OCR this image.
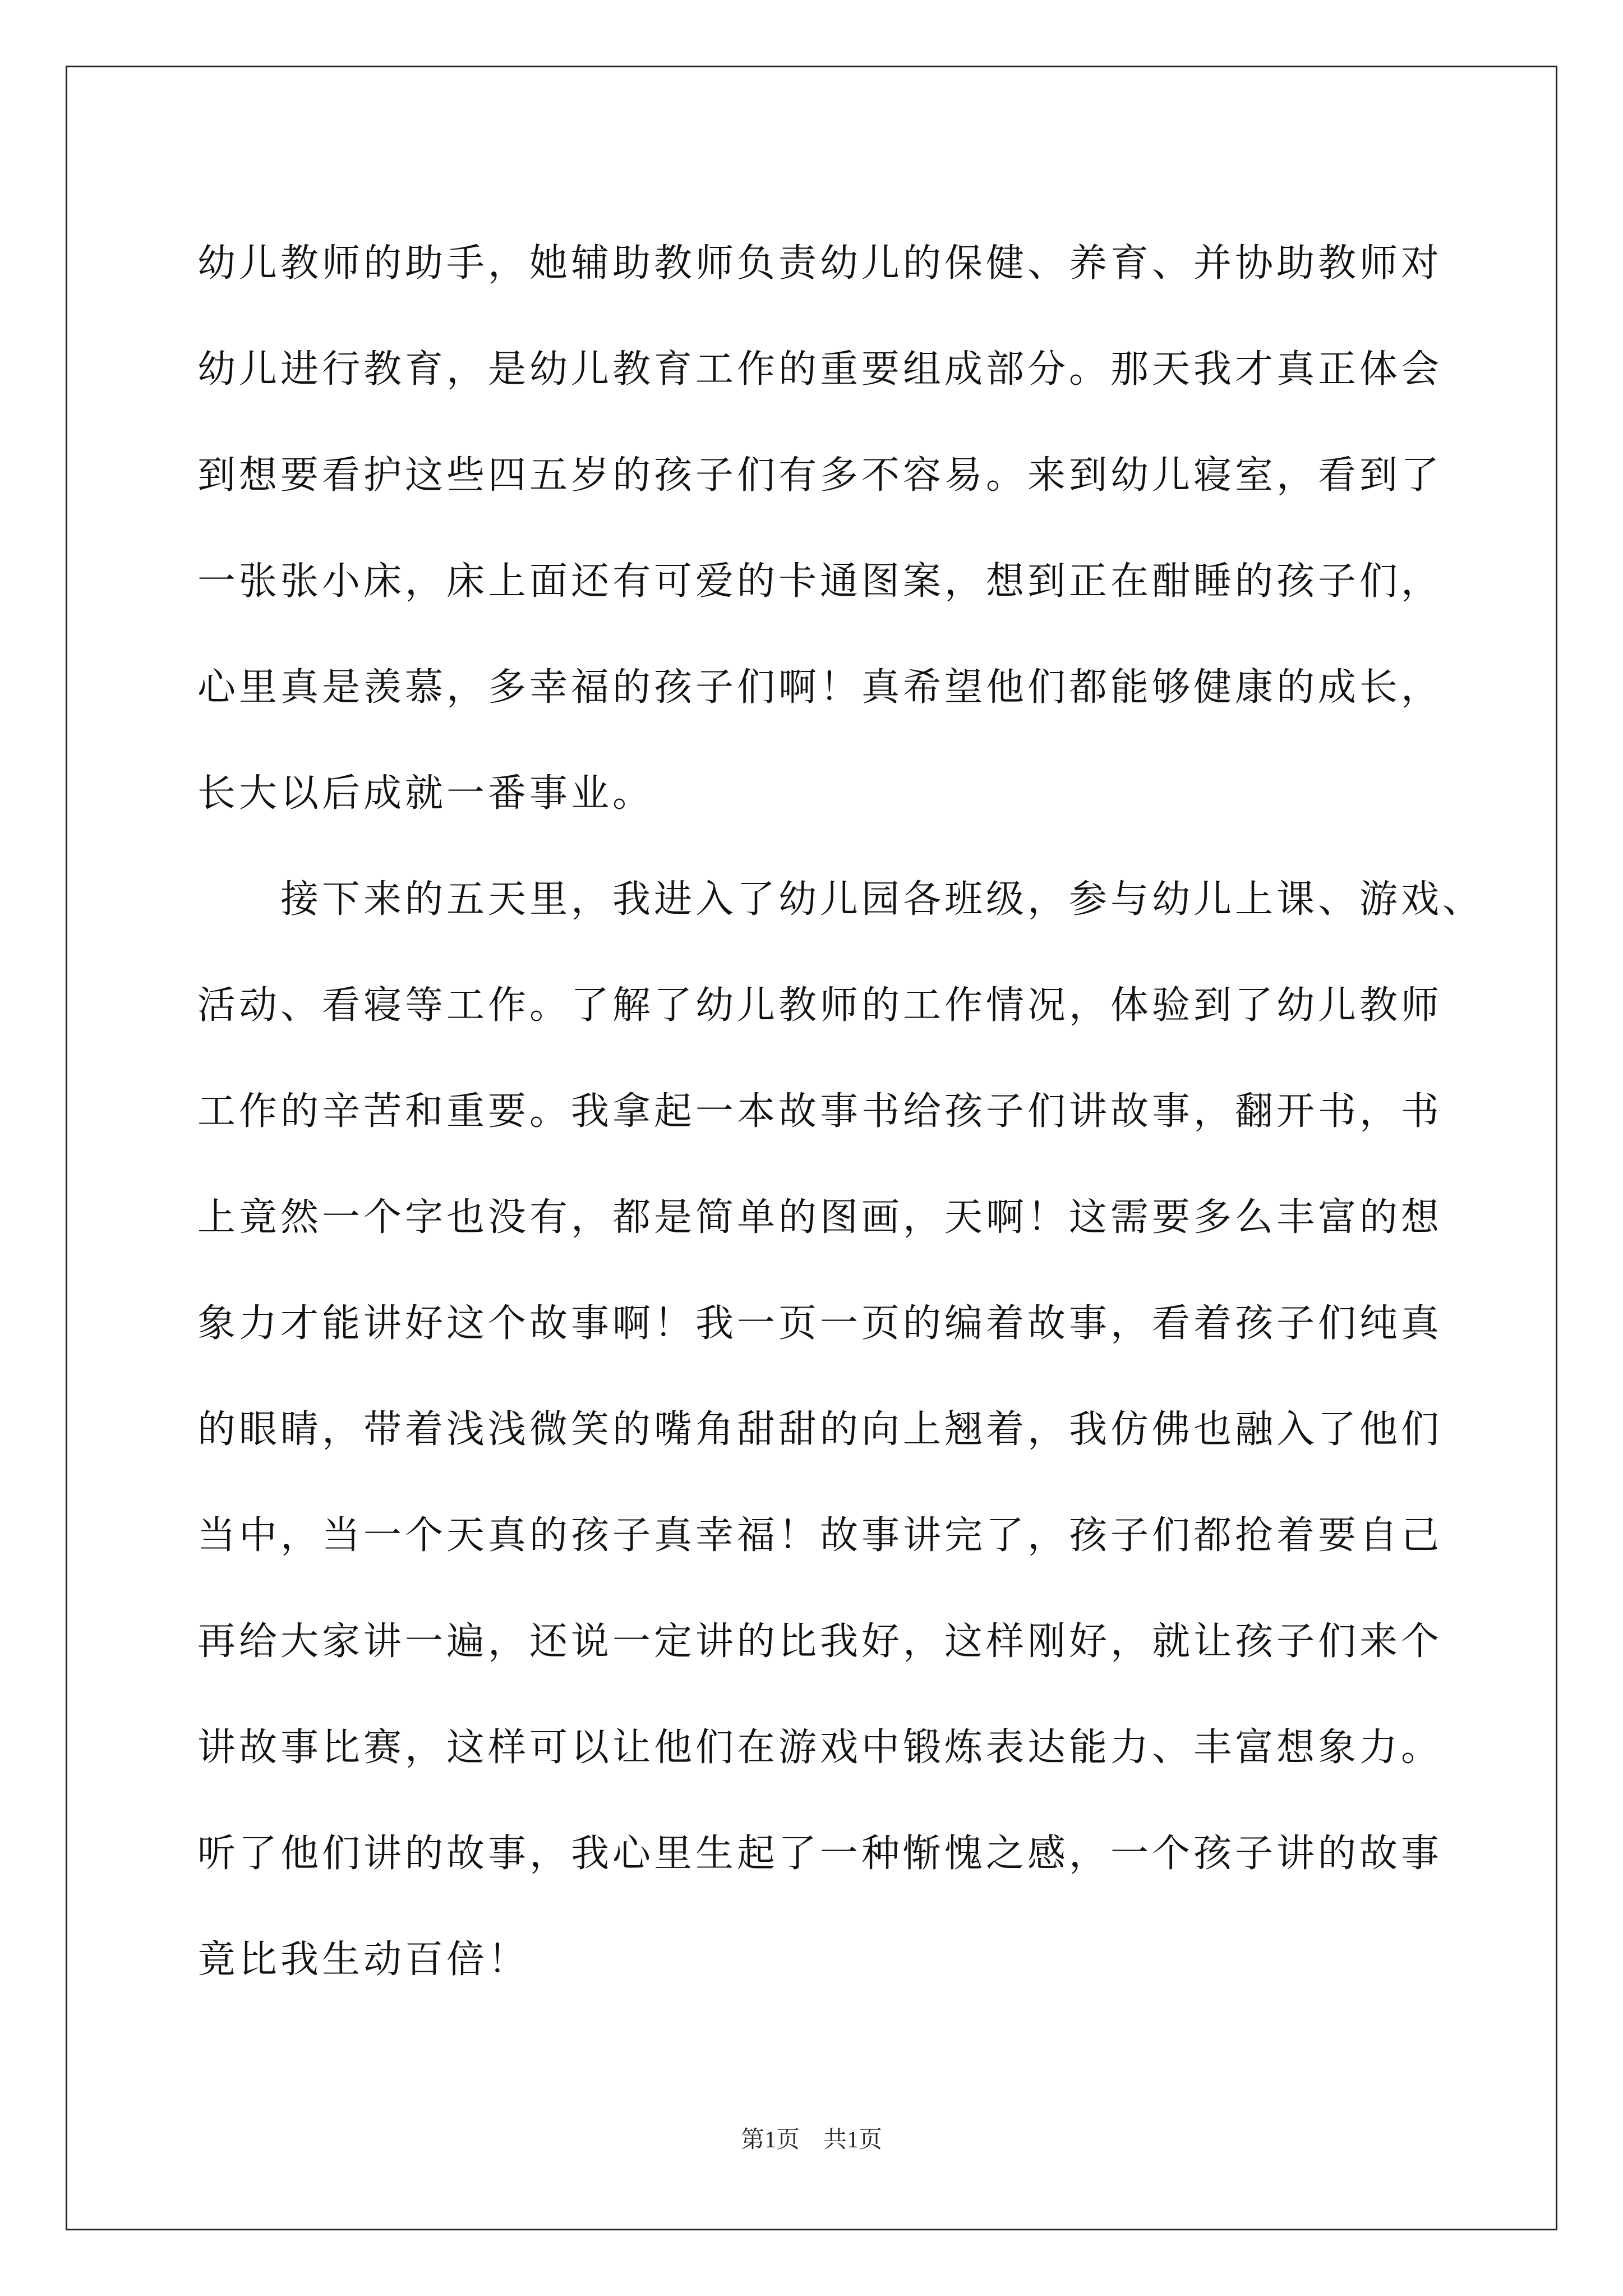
幼儿教师的助手，她辅助教师负责幼儿的保健、养育、并协助教师对
幼儿进行教育，是幼儿教育工作的重要组成部分。那天我才真正体会
到想要看护这些四五岁的孩子们有多不容易。来到幼儿寝室，看到了
一张张小床，床上面还有可爱的卡通图案，想到正在酣睡的孩子们，
心里真是羡慕，多幸福的孩子们啊！真希望他们都能够健康的成长，
长大以后成就一番事业。
　　接下来的五天里，我进入了幼儿园各班级，参与幼儿上课、游戏、
活动、看寝等工作。了解了幼儿教师的工作情况，体验到了幼儿教师
工作的辛苦和重要。我拿起一本故事书给孩子们讲故事，翻开书，书
上竟然一个字也没有，都是简单的图画，天啊！这需要多么丰富的想
象力才能讲好这个故事啊！我一页一页的编着故事，看着孩子们纯真
的眼睛，带着浅浅微笑的嘴角甜甜的向上翘着，我仿佛也融入了他们
当中，当一个天真的孩子真幸福！故事讲完了，孩子们都抢着要自己
再给大家讲一遍，还说一定讲的比我好，这样刚好，就让孩子们来个
讲故事比赛，这样可以让他们在游戏中锻炼表达能力、丰富想象力。
听了他们讲的故事，我心里生起了一种惭愧之感，一个孩子讲的故事
竟比我生动百倍！
第1页　共1页
